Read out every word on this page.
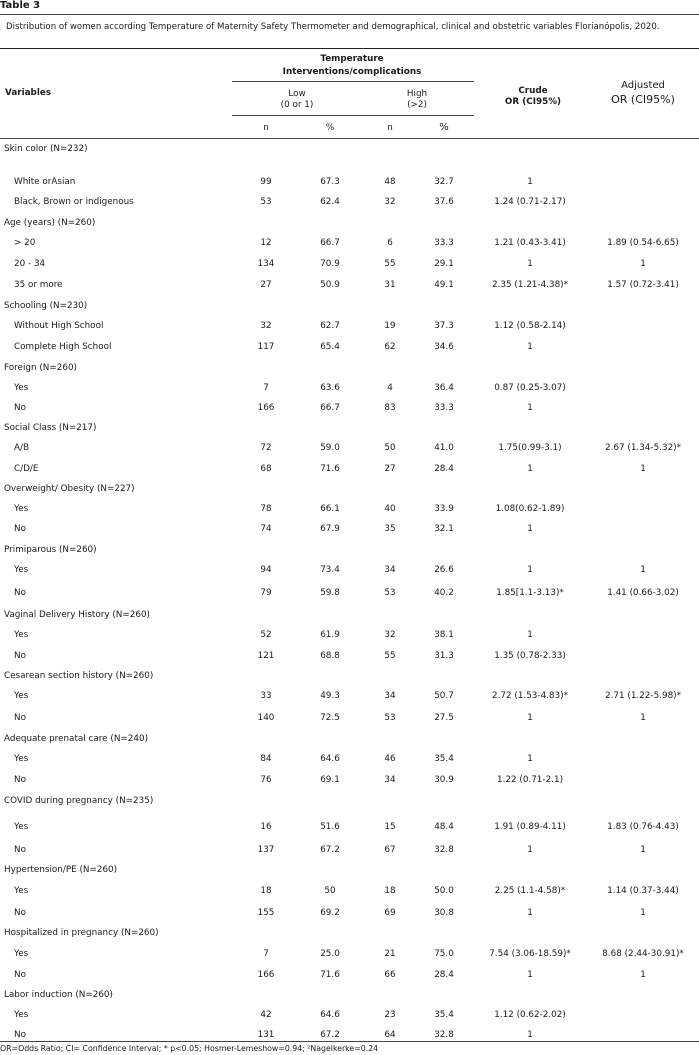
Table 3
Distribution of women according Temperature of Maternity Safety Thermometer and demographical, clinical and obstetric variables Florianópolis, 2020.
Variables
Temperature
Interventions/complications
Low
(0 or 1)
High
(>2)
Crude
OR (CI95%)
Adjusted
OR (CI95%)
n	%	n	%
Skin color (N=232)
White orAsian	99	67.3	48	32.7	1
Black, Brown or indigenous	53	62.4	32	37.6	1.24 (0.71-2.17)
Age (years) (N=260)
> 20	12	66.7	6	33.3	1.21 (0.43-3.41)	1.89 (0.54-6.65)
20 - 34	134	70.9	55	29.1	1	1
35 or more	27	50.9	31	49.1	2.35 (1.21-4.38)*	1.57 (0.72-3.41)
Schooling (N=230)
Without High School	32	62.7	19	37.3	1.12 (0.58-2.14)
Complete High School	117	65.4	62	34.6	1
Foreign (N=260)
Yes	7	63.6	4	36.4	0.87 (0.25-3.07)
No	166	66.7	83	33.3	1
Social Class (N=217)
A/B	72	59.0	50	41.0	1.75(0.99-3.1)	2.67 (1.34-5.32)*
C/D/E	68	71.6	27	28.4	1	1
Overweight/ Obesity (N=227)
Yes	78	66.1	40	33.9	1.08(0.62-1.89)
No	74	67.9	35	32.1	1
Primiparous (N=260)
Yes	94	73.4	34	26.6	1	1
No	79	59.8	53	40.2	1.85[1.1-3.13)*	1.41 (0.66-3.02)
Vaginal Delivery History (N=260)
Yes	52	61.9	32	38.1	1
No	121	68.8	55	31.3	1.35 (0.78-2.33)
Cesarean section history (N=260)
Yes	33	49.3	34	50.7	2.72 (1.53-4.83)*	2.71 (1.22-5.98)*
No	140	72.5	53	27.5	1	1
Adequate prenatal care (N=240)
Yes	84	64.6	46	35.4	1
No	76	69.1	34	30.9	1.22 (0.71-2.1)
COVID during pregnancy (N=235)
Yes	16	51.6	15	48.4	1.91 (0.89-4.11)	1.83 (0.76-4.43)
No	137	67.2	67	32.8	1	1
Hypertension/PE (N=260)
Yes	18	50	18	50.0	2.25 (1.1-4.58)*	1.14 (0.37-3.44)
No	155	69.2	69	30.8	1	1
Hospitalized in pregnancy (N=260)
Yes	7	25.0	21	75.0	7.54 (3.06-18.59)*	8.68 (2.44-30.91)*
No	166	71.6	66	28.4	1	1
Labor induction (N=260)
Yes	42	64.6	23	35.4	1.12 (0.62-2.02)
No	131	67.2	64	32.8	1
OR=Odds Ratio; CI= Confidence Interval; * p<0.05; Hosmer-Lemeshow=0.94; ²Nagelkerke=0.24
